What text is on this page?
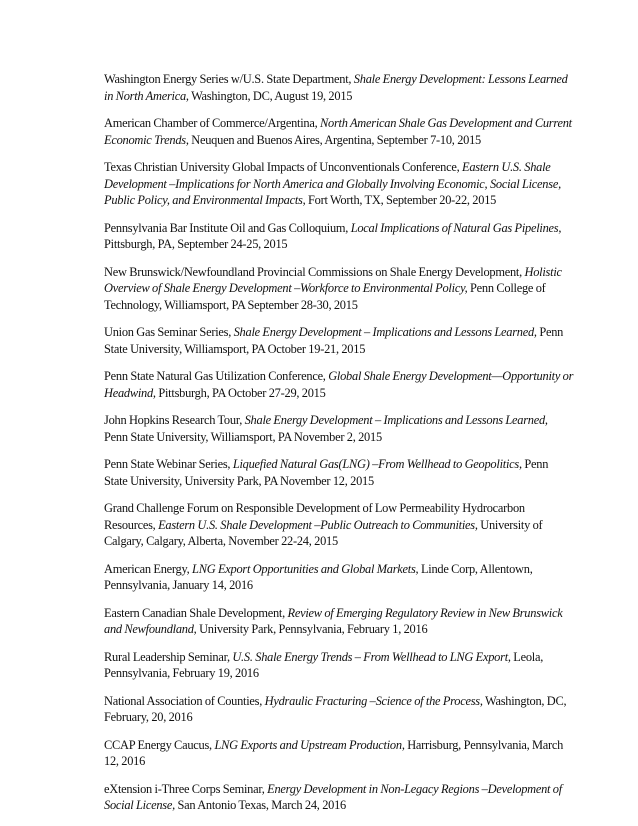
Washington Energy Series w/U.S. State Department, Shale Energy Development: Lessons Learned in North America, Washington, DC, August 19, 2015

American Chamber of Commerce/Argentina, North American Shale Gas Development and Current Economic Trends, Neuquen and Buenos Aires, Argentina, September 7-10, 2015

Texas Christian University Global Impacts of Unconventionals Conference, Eastern U.S. Shale Development –Implications for North America and Globally Involving Economic, Social License, Public Policy, and Environmental Impacts, Fort Worth, TX, September 20-22, 2015

Pennsylvania Bar Institute Oil and Gas Colloquium, Local Implications of Natural Gas Pipelines, Pittsburgh, PA, September 24-25, 2015

New Brunswick/Newfoundland Provincial Commissions on Shale Energy Development, Holistic Overview of Shale Energy Development –Workforce to Environmental Policy, Penn College of Technology, Williamsport, PA September 28-30, 2015

Union Gas Seminar Series, Shale Energy Development – Implications and Lessons Learned, Penn State University, Williamsport, PA October 19-21, 2015

Penn State Natural Gas Utilization Conference, Global Shale Energy Development—Opportunity or Headwind, Pittsburgh, PA October 27-29, 2015

John Hopkins Research Tour, Shale Energy Development – Implications and Lessons Learned, Penn State University, Williamsport, PA November 2, 2015

Penn State Webinar Series, Liquefied Natural Gas(LNG) –From Wellhead to Geopolitics, Penn State University, University Park, PA November 12, 2015

Grand Challenge Forum on Responsible Development of Low Permeability Hydrocarbon Resources, Eastern U.S. Shale Development –Public Outreach to Communities, University of Calgary, Calgary, Alberta, November 22-24, 2015

American Energy, LNG Export Opportunities and Global Markets, Linde Corp, Allentown, Pennsylvania, January 14, 2016

Eastern Canadian Shale Development, Review of Emerging Regulatory Review in New Brunswick and Newfoundland, University Park, Pennsylvania, February 1, 2016

Rural Leadership Seminar, U.S. Shale Energy Trends – From Wellhead to LNG Export, Leola, Pennsylvania, February 19, 2016

National Association of Counties, Hydraulic Fracturing –Science of the Process, Washington, DC, February, 20, 2016

CCAP Energy Caucus, LNG Exports and Upstream Production, Harrisburg, Pennsylvania, March 12, 2016

eXtension i-Three Corps Seminar, Energy Development in Non-Legacy Regions –Development of Social License, San Antonio Texas, March 24, 2016
